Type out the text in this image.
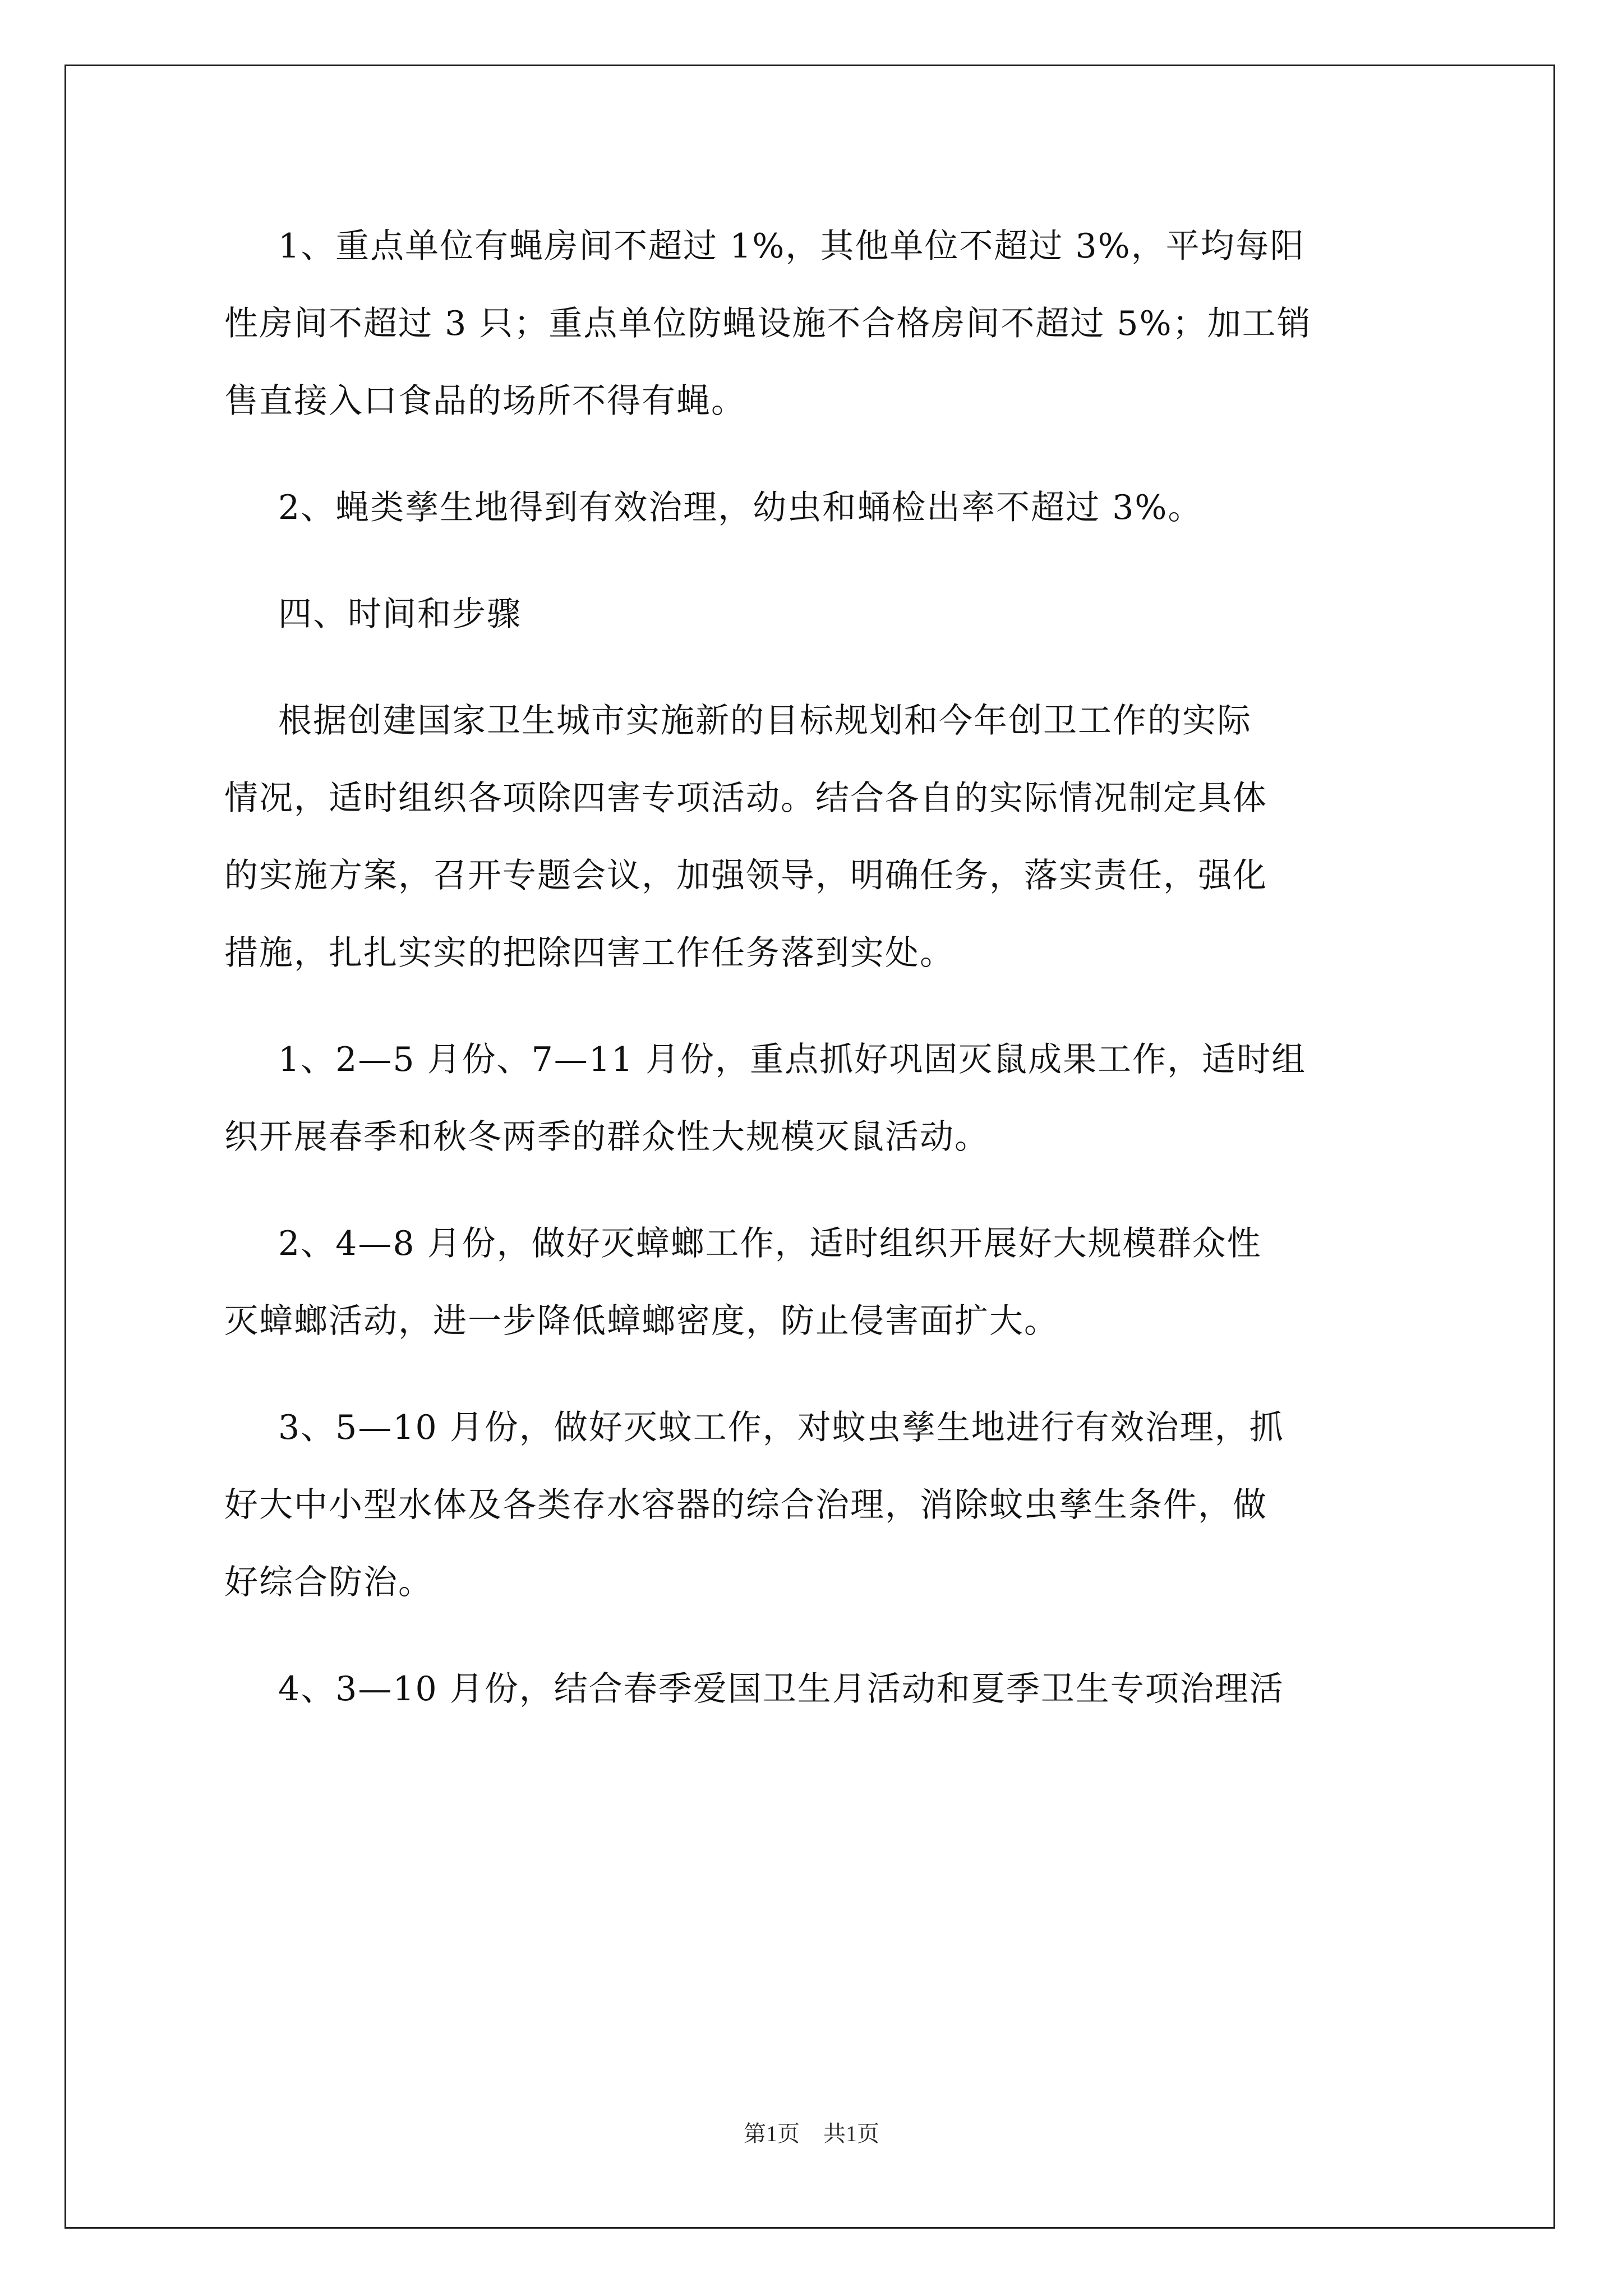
1、重点单位有蝇房间不超过 1%，其他单位不超过 3%，平均每阳
性房间不超过 3 只；重点单位防蝇设施不合格房间不超过 5%；加工销
售直接入口食品的场所不得有蝇。
2、蝇类孳生地得到有效治理，幼虫和蛹检出率不超过 3%。
四、时间和步骤
根据创建国家卫生城市实施新的目标规划和今年创卫工作的实际
情况，适时组织各项除四害专项活动。结合各自的实际情况制定具体
的实施方案，召开专题会议，加强领导，明确任务，落实责任，强化
措施，扎扎实实的把除四害工作任务落到实处。
1、2—5 月份、7—11 月份，重点抓好巩固灭鼠成果工作，适时组
织开展春季和秋冬两季的群众性大规模灭鼠活动。
2、4—8 月份，做好灭蟑螂工作，适时组织开展好大规模群众性
灭蟑螂活动，进一步降低蟑螂密度，防止侵害面扩大。
3、5—10 月份，做好灭蚊工作，对蚊虫孳生地进行有效治理，抓
好大中小型水体及各类存水容器的综合治理，消除蚊虫孳生条件，做
好综合防治。
4、3—10 月份，结合春季爱国卫生月活动和夏季卫生专项治理活
第1页 共1页
